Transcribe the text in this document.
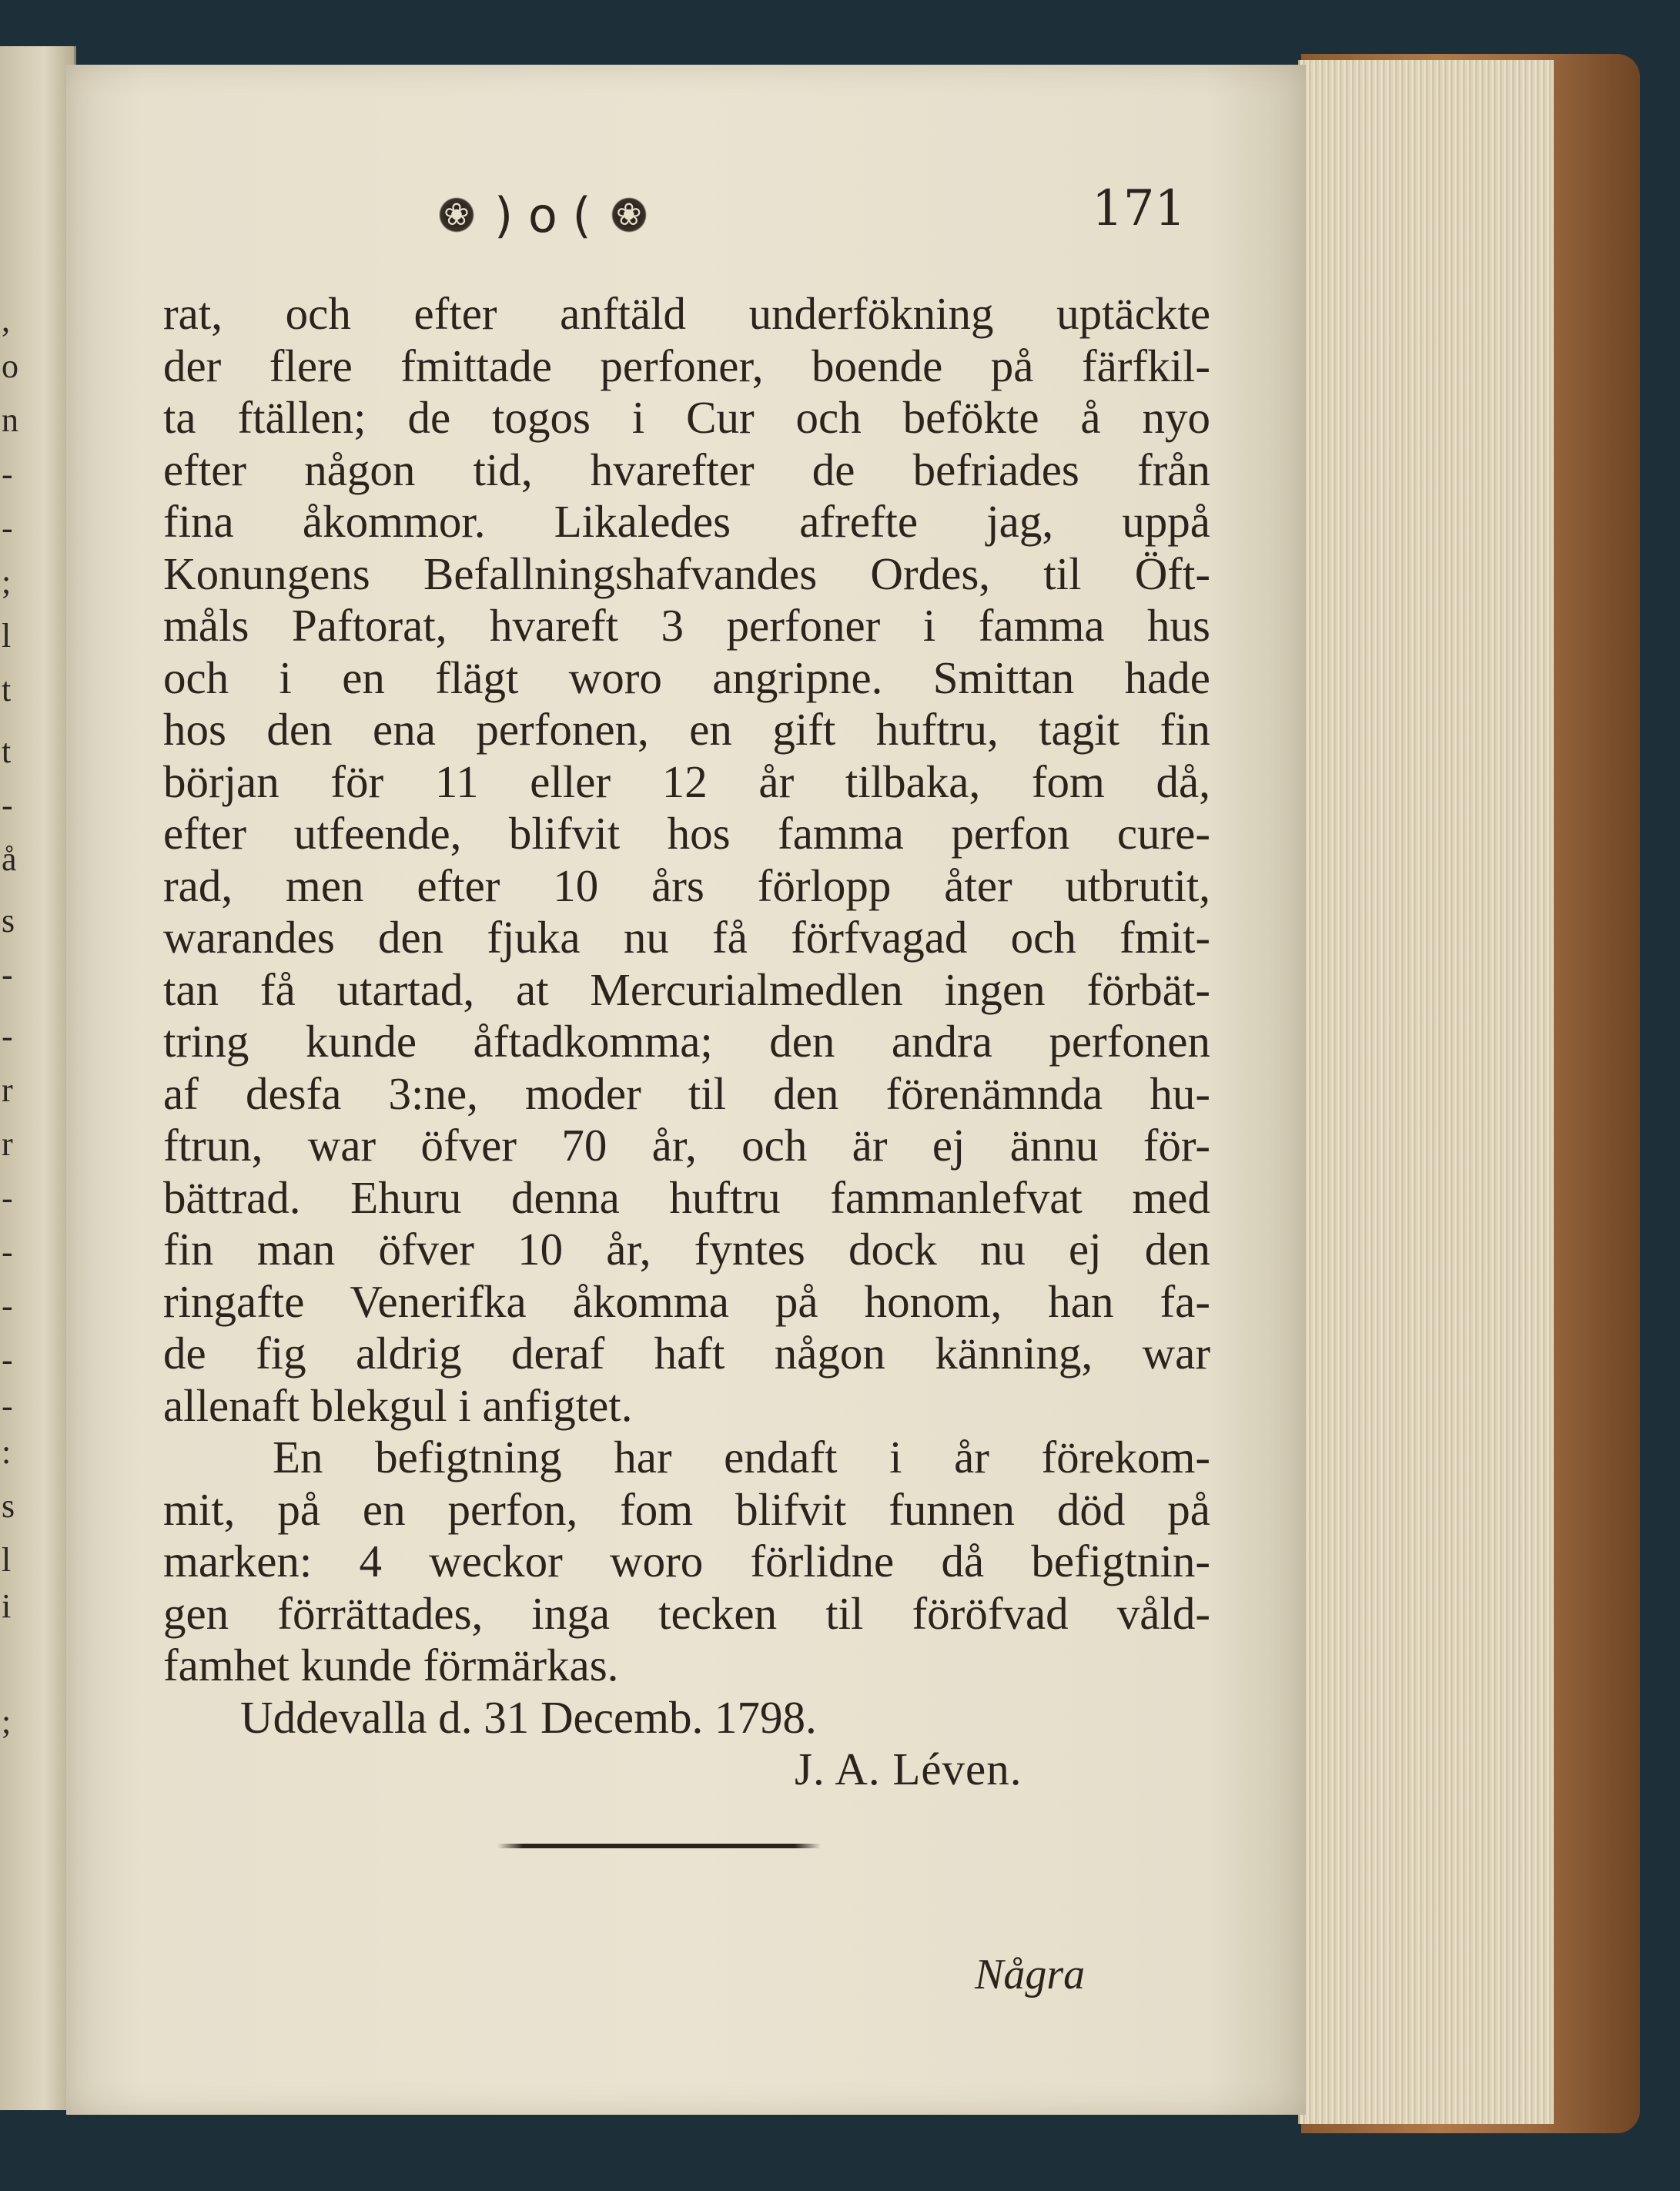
,
o
n
-
-
;
l
t
t
-
å
s
-
-
r
r
-
-
-
-
-
:
s
l
i
;
❀ ) o ( ❀	171
rat, och efter anftäld underfökning uptäckte
der flere fmittade perfoner, boende på färfkil-
ta ftällen; de togos i Cur och befökte å nyo
efter någon tid, hvarefter de befriades från
fina åkommor. Likaledes afrefte jag, uppå
Konungens Befallningshafvandes Ordes, til Öft-
måls Paftorat, hvareft 3 perfoner i famma hus
och i en flägt woro angripne. Smittan hade
hos den ena perfonen, en gift huftru, tagit fin
början för 11 eller 12 år tilbaka, fom då,
efter utfeende, blifvit hos famma perfon cure-
rad, men efter 10 års förlopp åter utbrutit,
warandes den fjuka nu få förfvagad och fmit-
tan få utartad, at Mercurialmedlen ingen förbät-
tring kunde åftadkomma; den andra perfonen
af desfa 3:ne, moder til den förenämnda hu-
ftrun, war öfver 70 år, och är ej ännu för-
bättrad. Ehuru denna huftru fammanlefvat med
fin man öfver 10 år, fyntes dock nu ej den
ringafte Venerifka åkomma på honom, han fa-
de fig aldrig deraf haft någon känning, war
allenaft blekgul i anfigtet.
En befigtning har endaft i år förekom-
mit, på en perfon, fom blifvit funnen död på
marken: 4 weckor woro förlidne då befigtnin-
gen förrättades, inga tecken til föröfvad våld-
famhet kunde förmärkas.
Uddevalla d. 31 Decemb. 1798.
J. A. Léven.
Några
